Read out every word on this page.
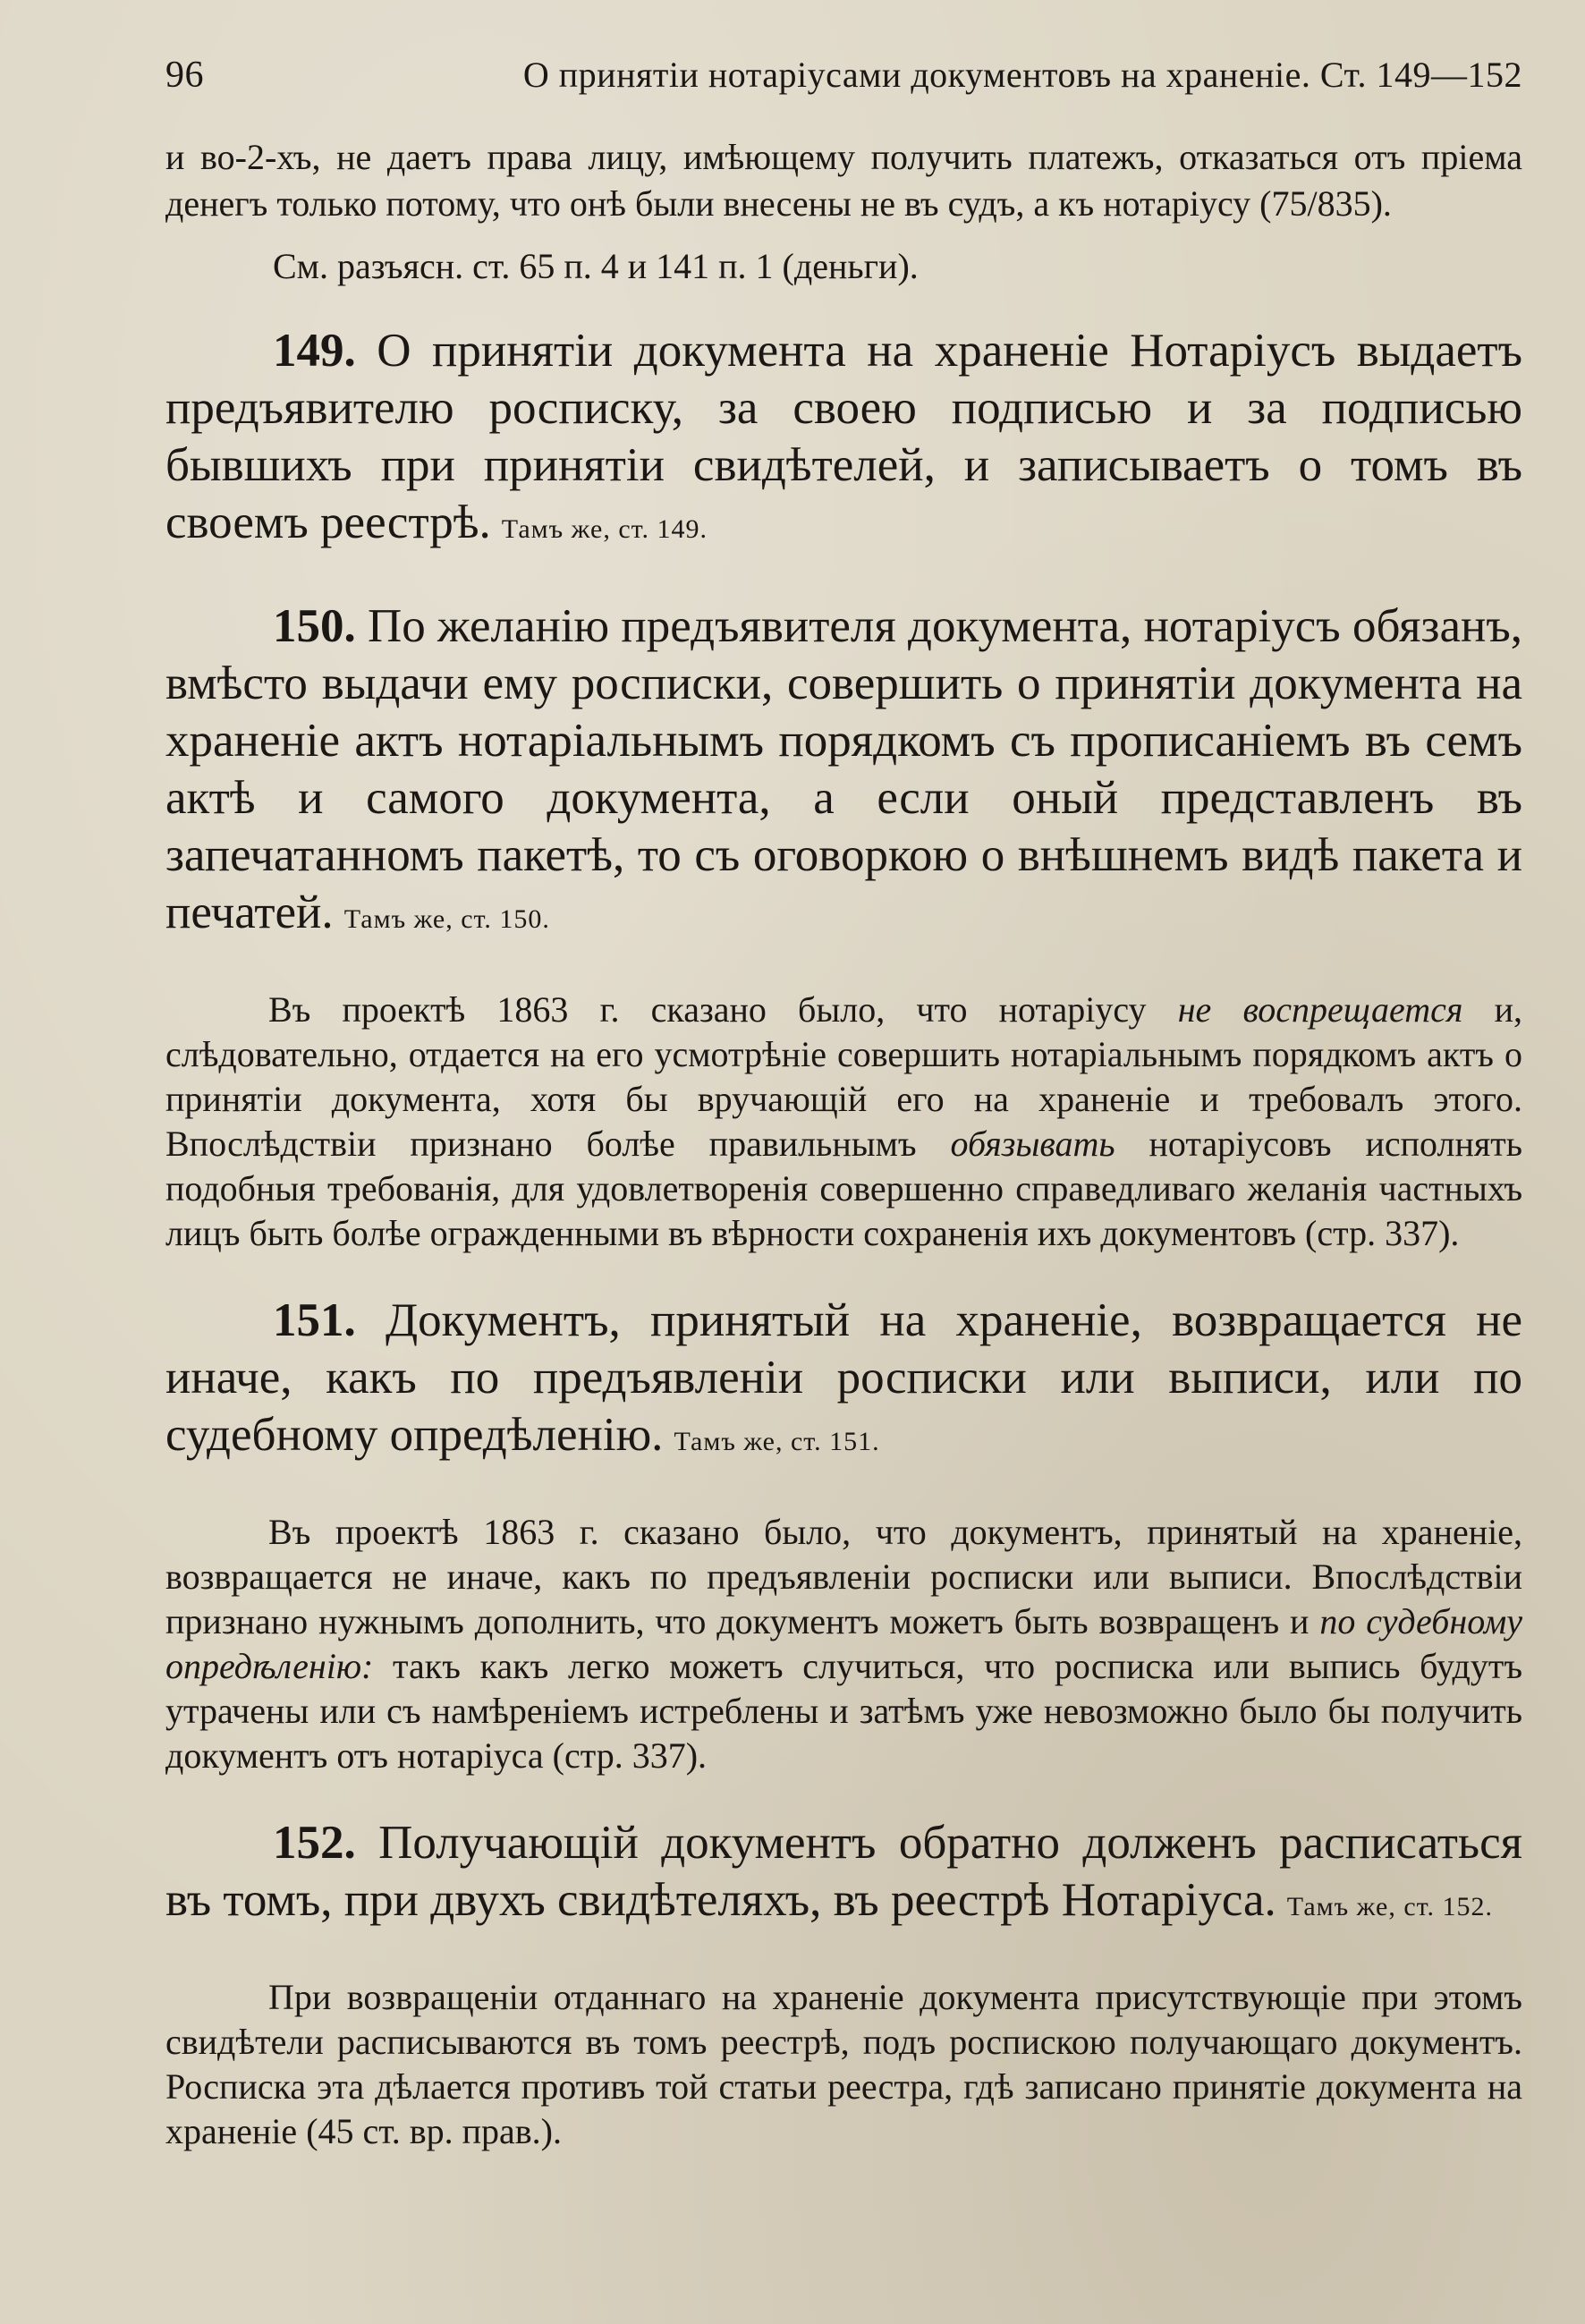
96	О принятіи нотаріусами документовъ на храненіе. Ст. 149—152

и во-2-хъ, не даетъ права лицу, имѣющему получить платежъ, отказаться отъ пріема денегъ только потому, что онѣ были внесены не въ судъ, а къ нотаріусу (75/835).

См. разъясн. ст. 65 п. 4 и 141 п. 1 (деньги).

149. О принятіи документа на храненіе Нотаріусъ выдаетъ предъявителю росписку, за своею подписью и за подписью бывшихъ при принятіи свидѣтелей, и записываетъ о томъ въ своемъ реестрѣ. Тамъ же, ст. 149.

150. По желанію предъявителя документа, нотаріусъ обязанъ, вмѣсто выдачи ему росписки, совершить о принятіи документа на храненіе актъ нотаріальнымъ порядкомъ съ прописаніемъ въ семъ актѣ и самого документа, а если оный представленъ въ запечатанномъ пакетѣ, то съ оговоркою о внѣшнемъ видѣ пакета и печатей. Тамъ же, ст. 150.

Въ проектѣ 1863 г. сказано было, что нотаріусу не воспрещается и, слѣдовательно, отдается на его усмотрѣніе совершить нотаріальнымъ порядкомъ актъ о принятіи документа, хотя бы вручающій его на храненіе и требовалъ этого. Впослѣдствіи признано болѣе правильнымъ обязывать нотаріусовъ исполнять подобныя требованія, для удовлетворенія совершенно справедливаго желанія частныхъ лицъ быть болѣе огражденными въ вѣрности сохраненія ихъ документовъ (стр. 337).

151. Документъ, принятый на храненіе, возвращается не иначе, какъ по предъявленіи росписки или выписи, или по судебному опредѣленію. Тамъ же, ст. 151.

Въ проектѣ 1863 г. сказано было, что документъ, принятый на храненіе, возвращается не иначе, какъ по предъявленіи росписки или выписи. Впослѣдствіи признано нужнымъ дополнить, что документъ можетъ быть возвращенъ и по судебному опредѣленію: такъ какъ легко можетъ случиться, что росписка или выпись будутъ утрачены или съ намѣреніемъ истреблены и затѣмъ уже невозможно было бы получить документъ отъ нотаріуса (стр. 337).

152. Получающій документъ обратно долженъ расписаться въ томъ, при двухъ свидѣтеляхъ, въ реестрѣ Нотаріуса. Тамъ же, ст. 152.

При возвращеніи отданнаго на храненіе документа присутствующіе при этомъ свидѣтели расписываются въ томъ реестрѣ, подъ роспискою получающаго документъ. Росписка эта дѣлается противъ той статьи реестра, гдѣ записано принятіе документа на храненіе (45 ст. вр. прав.).
